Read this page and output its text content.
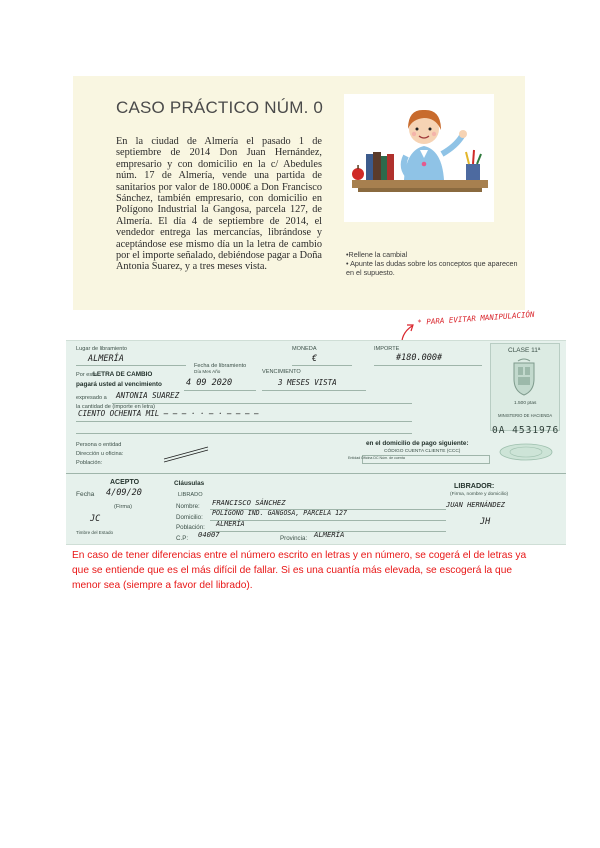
CASO PRÁCTICO NÚM. 0
En la ciudad de Almería el pasado 1 de septiembre de 2014 Don Juan Hernández, empresario y con domicilio en la c/ Abedules núm. 17 de Almería, vende una partida de sanitarios por valor de 180.000€ a Don Francisco Sánchez, también empresario, con domicilio en Polígono Industrial la Gangosa, parcela 127, de Almería. El día 4 de septiembre de 2014, el vendedor entrega las mercancías, librándose y aceptándose ese mismo día un la letra de cambio por el importe señalado, debiéndose pagar a Doña Antonia Suarez, y a tres meses vista.
•Rellene la cambial
• Apunte las dudas sobre los conceptos que aparecen en el supuesto.
* PARA EVITAR MANIPULACIÓN
Lugar de libramiento	MONEDA	IMPORTE
ALMERÍA	€	#180.000#
Fecha de libramiento
Día Mes Año	VENCIMIENTO
Por esta
LETRA DE CAMBIO
pagará usted al vencimiento	4 09 2020	3 MESES VISTA
expresado a ANTONIA SUAREZ
la cantidad de (importe en letra)
CIENTO OCHENTA MIL — — — · · — · — — — —
CLASE 11ª
1.500 ptas
MINISTERIO DE HACIENDA
0A 4531976
Persona o entidad
Dirección u oficina:
Población:
en el domicilio de pago siguiente:
CÓDIGO CUENTA CLIENTE (CCC)
Entidad Oficina DC Núm. de cuenta
ACEPTO
Fecha 4/09/20
(Firma)
JC
Timbre del Estado
Cláusulas
LIBRADO
Nombre: FRANCISCO SÁNCHEZ
Domicilio:
POLÍGONO IND. GANGOSA, PARCELA 127
Población: ALMERÍA
C.P: 04007	Provincia: ALMERÍA
LIBRADOR:
(Firma, nombre y domicilio)
JUAN HERNÁNDEZ
JH
En caso de tener diferencias entre el número escrito en letras y en número, se cogerá el de letras ya que se entiende que es el más difícil de fallar. Si es una cuantía más elevada, se escogerá la que menor sea (siempre a favor del librado).
